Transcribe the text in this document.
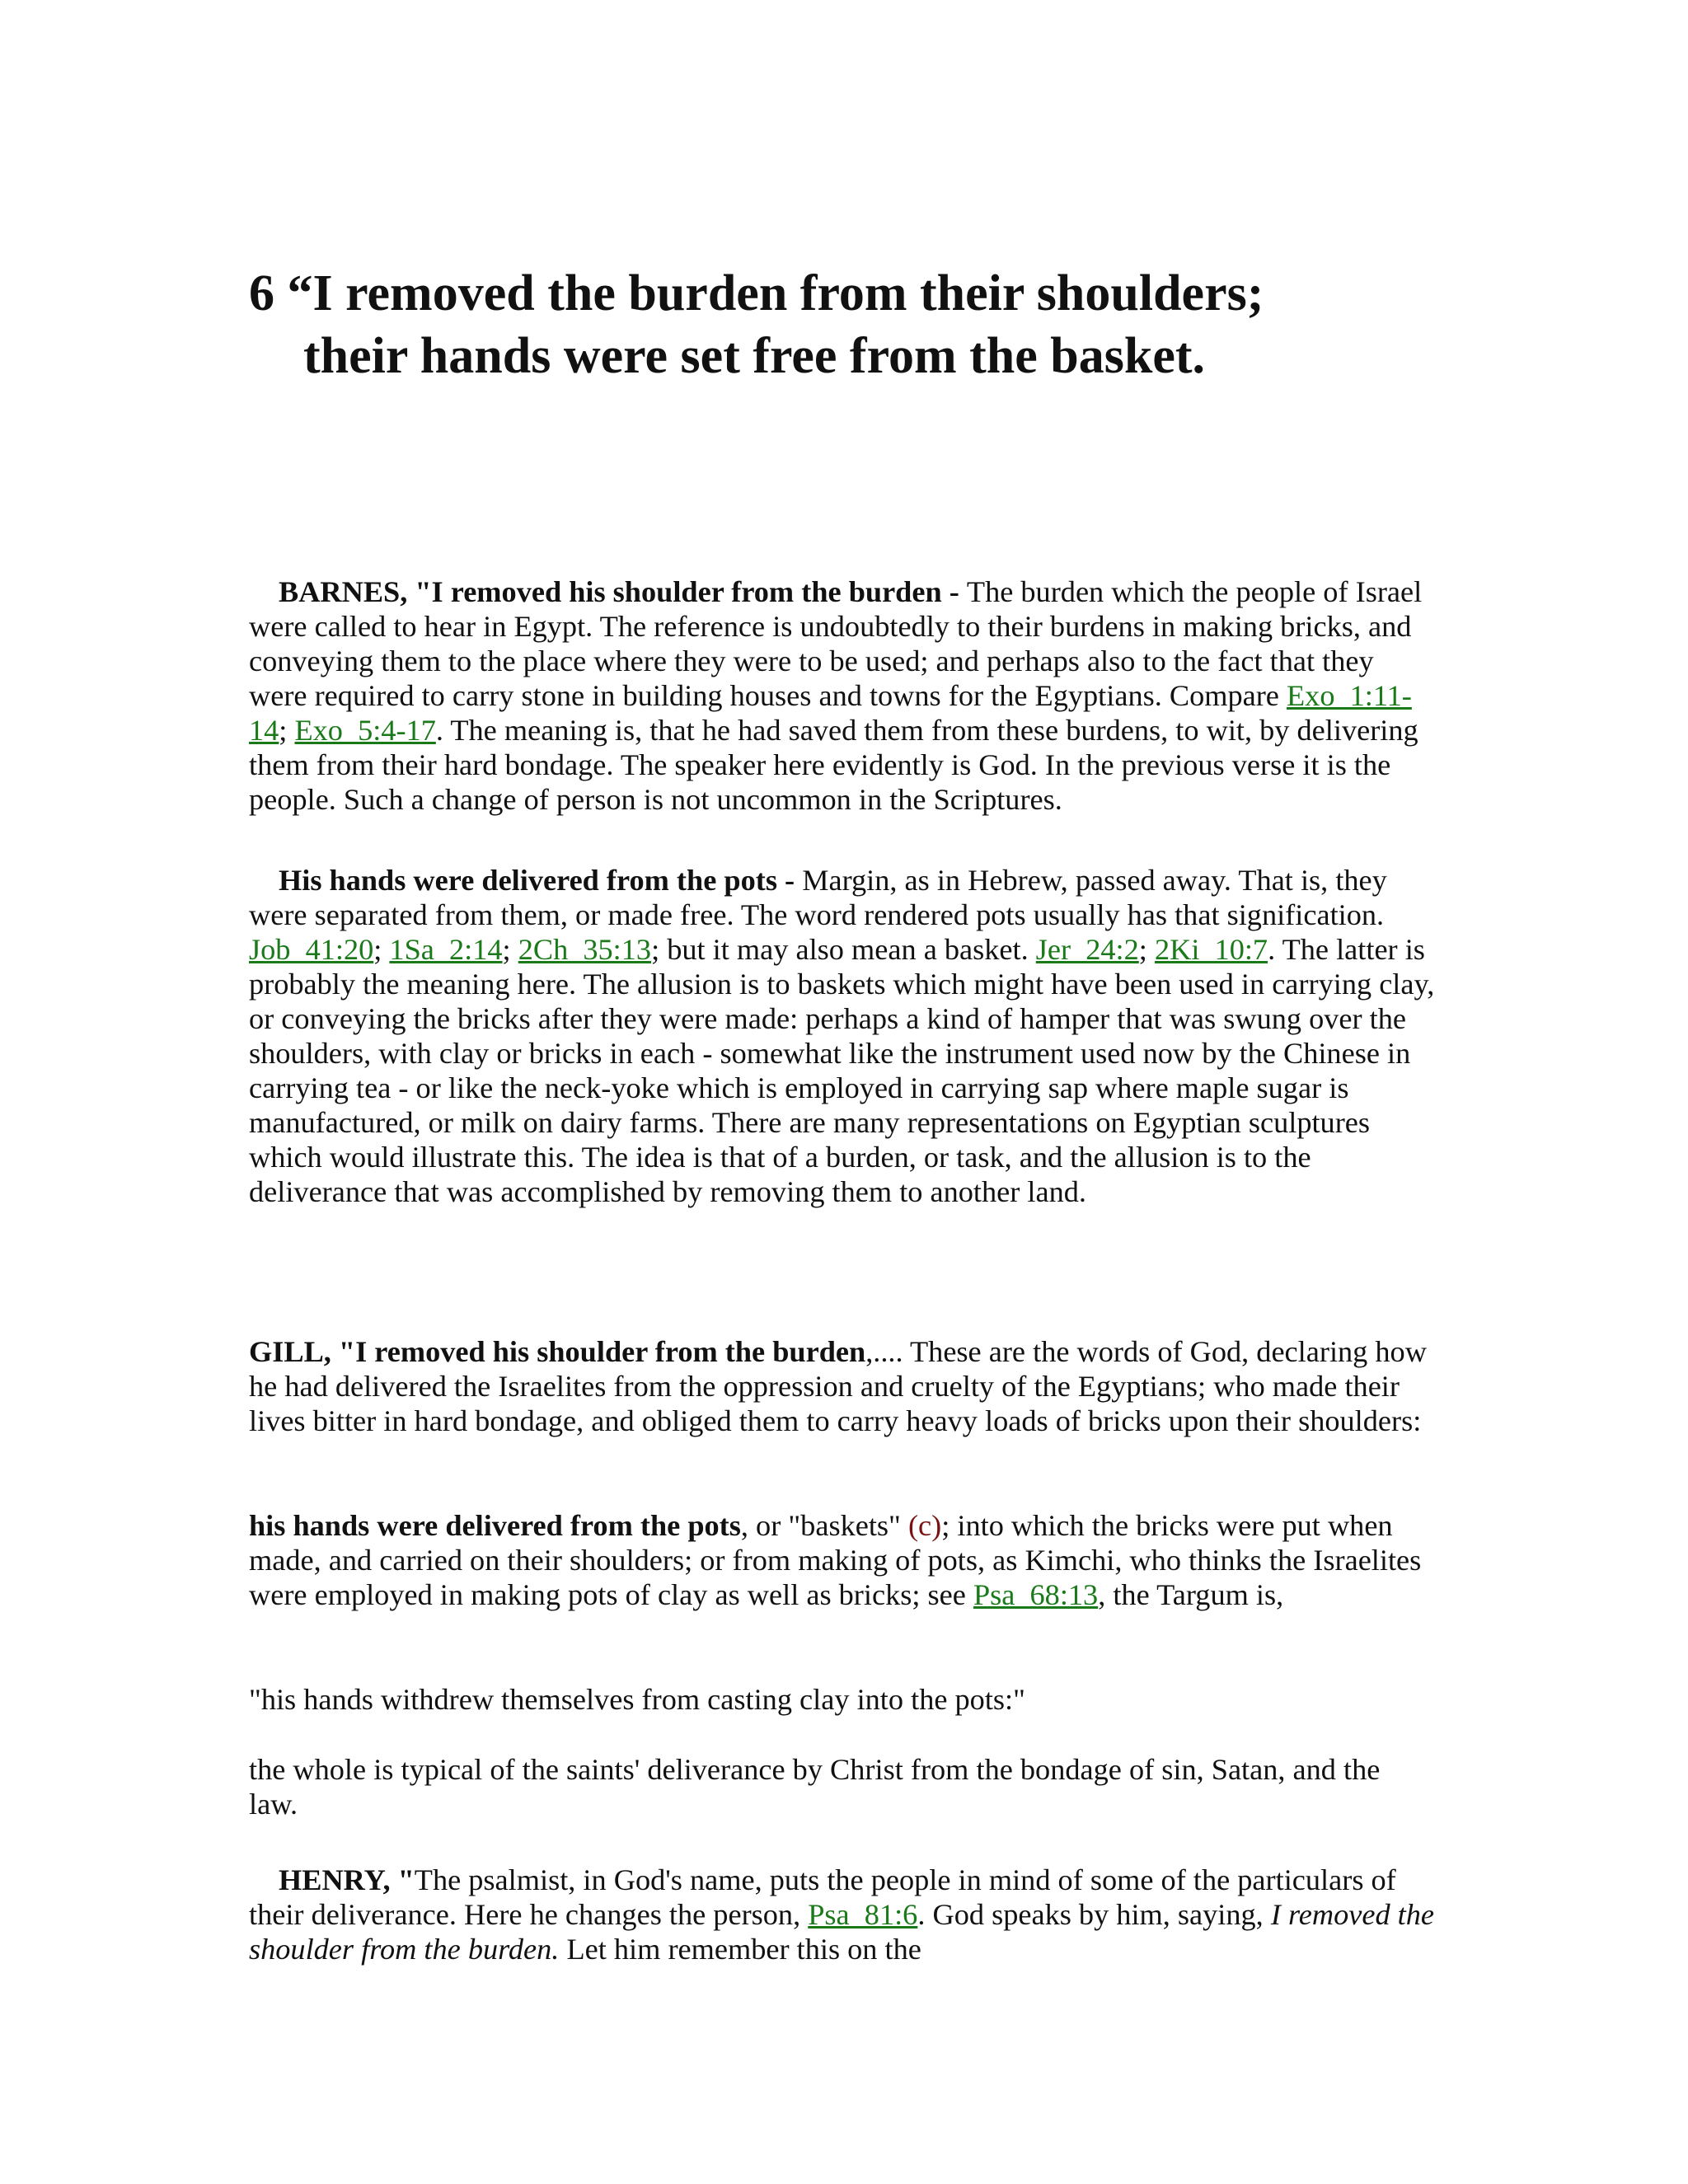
6 “I removed the burden from their shoulders;
their hands were set free from the basket.

BARNES, "I removed his shoulder from the burden - The burden which the people of Israel were called to hear in Egypt. The reference is undoubtedly to their burdens in making bricks, and conveying them to the place where they were to be used; and perhaps also to the fact that they were required to carry stone in building houses and towns for the Egyptians. Compare Exo_1:11-14; Exo_5:4-17. The meaning is, that he had saved them from these burdens, to wit, by delivering them from their hard bondage. The speaker here evidently is God. In the previous verse it is the people. Such a change of person is not uncommon in the Scriptures.

His hands were delivered from the pots - Margin, as in Hebrew, passed away. That is, they were separated from them, or made free. The word rendered pots usually has that signification. Job_41:20; 1Sa_2:14; 2Ch_35:13; but it may also mean a basket. Jer_24:2; 2Ki_10:7. The latter is probably the meaning here. The allusion is to baskets which might have been used in carrying clay, or conveying the bricks after they were made: perhaps a kind of hamper that was swung over the shoulders, with clay or bricks in each - somewhat like the instrument used now by the Chinese in carrying tea - or like the neck-yoke which is employed in carrying sap where maple sugar is manufactured, or milk on dairy farms. There are many representations on Egyptian sculptures which would illustrate this. The idea is that of a burden, or task, and the allusion is to the deliverance that was accomplished by removing them to another land.

GILL, "I removed his shoulder from the burden,.... These are the words of God, declaring how he had delivered the Israelites from the oppression and cruelty of the Egyptians; who made their lives bitter in hard bondage, and obliged them to carry heavy loads of bricks upon their shoulders:

his hands were delivered from the pots, or "baskets" (c); into which the bricks were put when made, and carried on their shoulders; or from making of pots, as Kimchi, who thinks the Israelites were employed in making pots of clay as well as bricks; see Psa_68:13, the Targum is,

"his hands withdrew themselves from casting clay into the pots:"

the whole is typical of the saints' deliverance by Christ from the bondage of sin, Satan, and the law.

HENRY, "The psalmist, in God's name, puts the people in mind of some of the particulars of their deliverance. Here he changes the person, Psa_81:6. God speaks by him, saying, I removed the shoulder from the burden. Let him remember this on the
